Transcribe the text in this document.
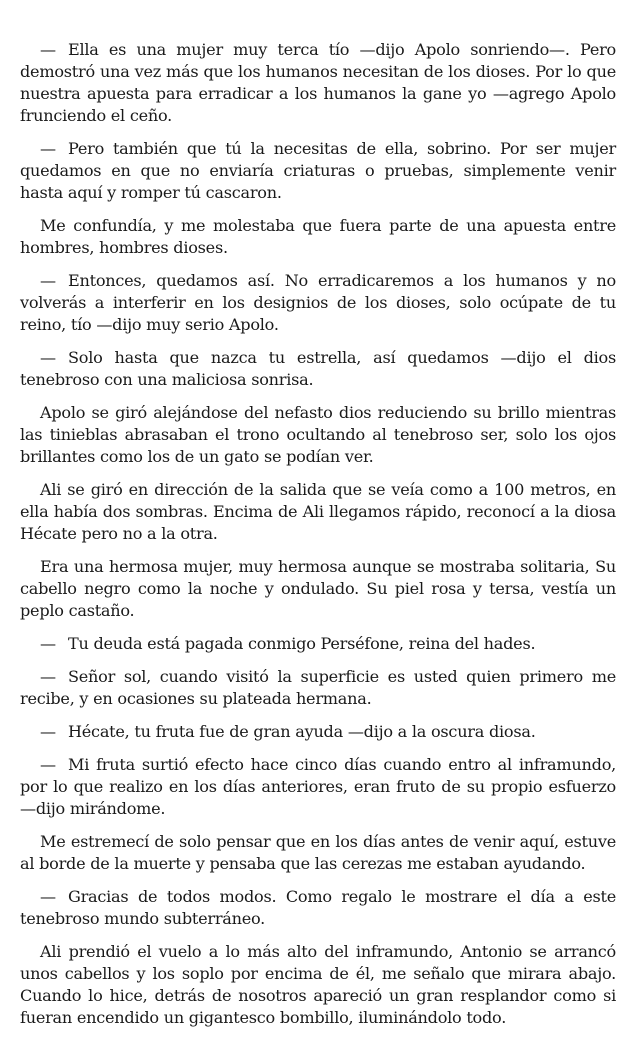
— Ella es una mujer muy terca tío —dijo Apolo sonriendo—. Pero demostró una vez más que los humanos necesitan de los dioses. Por lo que nuestra apuesta para erradicar a los humanos la gane yo —agrego Apolo frunciendo el ceño.

— Pero también que tú la necesitas de ella, sobrino. Por ser mujer quedamos en que no enviaría criaturas o pruebas, simplemente venir hasta aquí y romper tú cascaron.

Me confundía, y me molestaba que fuera parte de una apuesta entre hombres, hombres dioses.

— Entonces, quedamos así. No erradicaremos a los humanos y no volverás a interferir en los designios de los dioses, solo ocúpate de tu reino, tío —dijo muy serio Apolo.

— Solo hasta que nazca tu estrella, así quedamos —dijo el dios tenebroso con una maliciosa sonrisa.

Apolo se giró alejándose del nefasto dios reduciendo su brillo mientras las tinieblas abrasaban el trono ocultando al tenebroso ser, solo los ojos brillantes como los de un gato se podían ver.

Ali se giró en dirección de la salida que se veía como a 100 metros, en ella había dos sombras. Encima de Ali llegamos rápido, reconocí a la diosa Hécate pero no a la otra.

Era una hermosa mujer, muy hermosa aunque se mostraba solitaria, Su cabello negro como la noche y ondulado. Su piel rosa y tersa, vestía un peplo castaño.

— Tu deuda está pagada conmigo Perséfone, reina del hades.

— Señor sol, cuando visitó la superficie es usted quien primero me recibe, y en ocasiones su plateada hermana.

— Hécate, tu fruta fue de gran ayuda —dijo a la oscura diosa.

— Mi fruta surtió efecto hace cinco días cuando entro al inframundo, por lo que realizo en los días anteriores, eran fruto de su propio esfuerzo —dijo mirándome.

Me estremecí de solo pensar que en los días antes de venir aquí, estuve al borde de la muerte y pensaba que las cerezas me estaban ayudando.

— Gracias de todos modos. Como regalo le mostrare el día a este tenebroso mundo subterráneo.

Ali prendió el vuelo a lo más alto del inframundo, Antonio se arrancó unos cabellos y los soplo por encima de él, me señalo que mirara abajo. Cuando lo hice, detrás de nosotros apareció un gran resplandor como si fueran encendido un gigantesco bombillo, iluminándolo todo.
